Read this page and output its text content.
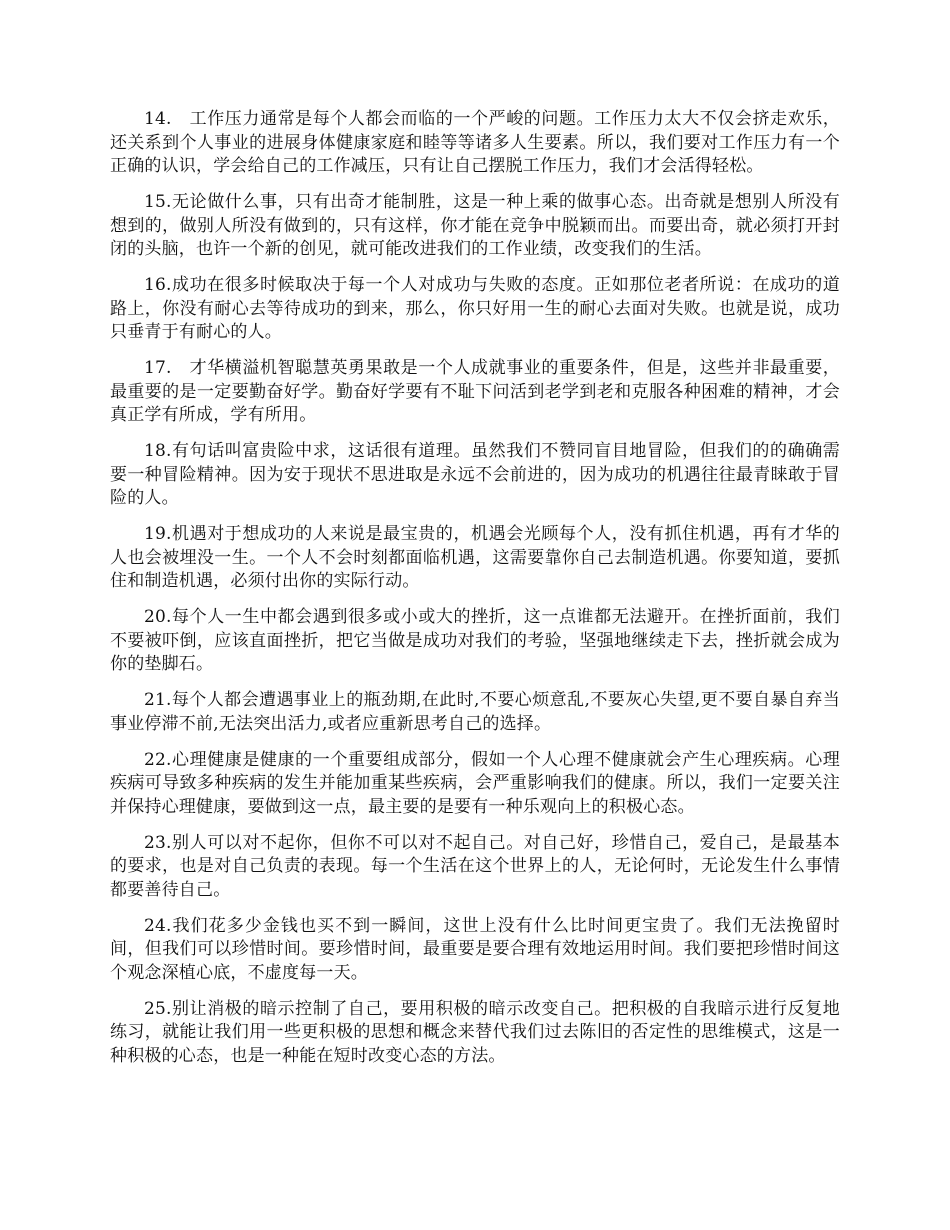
14.   工作压力通常是每个人都会而临的一个严峻的问题。工作压力太大不仅会挤走欢乐，还关系到个人事业的进展身体健康家庭和睦等等诸多人生要素。所以，我们要对工作压力有一个正确的认识，学会给自己的工作减压，只有让自己摆脱工作压力，我们才会活得轻松。

15.无论做什么事，只有出奇才能制胜，这是一种上乘的做事心态。出奇就是想别人所没有想到的，做别人所没有做到的，只有这样，你才能在竞争中脱颖而出。而要出奇，就必须打开封闭的头脑，也许一个新的创见，就可能改进我们的工作业绩，改变我们的生活。

16.成功在很多时候取决于每一个人对成功与失败的态度。正如那位老者所说：在成功的道路上，你没有耐心去等待成功的到来，那么，你只好用一生的耐心去面对失败。也就是说，成功只垂青于有耐心的人。

17.   才华横溢机智聪慧英勇果敢是一个人成就事业的重要条件，但是，这些并非最重要，最重要的是一定要勤奋好学。勤奋好学要有不耻下问活到老学到老和克服各种困难的精神，才会真正学有所成，学有所用。

18.有句话叫富贵险中求，这话很有道理。虽然我们不赞同盲目地冒险，但我们的的确确需要一种冒险精神。因为安于现状不思进取是永远不会前进的，因为成功的机遇往往最青睐敢于冒险的人。

19.机遇对于想成功的人来说是最宝贵的，机遇会光顾每个人，没有抓住机遇，再有才华的人也会被埋没一生。一个人不会时刻都面临机遇，这需要靠你自己去制造机遇。你要知道，要抓住和制造机遇，必须付出你的实际行动。

20.每个人一生中都会遇到很多或小或大的挫折，这一点谁都无法避开。在挫折面前，我们不要被吓倒，应该直面挫折，把它当做是成功对我们的考验，坚强地继续走下去，挫折就会成为你的垫脚石。

21.每个人都会遭遇事业上的瓶劲期,在此时,不要心烦意乱,不要灰心失望,更不要自暴自弃当事业停滞不前,无法突出活力,或者应重新思考自己的选择。

22.心理健康是健康的一个重要组成部分，假如一个人心理不健康就会产生心理疾病。心理疾病可导致多种疾病的发生并能加重某些疾病，会严重影响我们的健康。所以，我们一定要关注并保持心理健康，要做到这一点，最主要的是要有一种乐观向上的积极心态。

23.别人可以对不起你，但你不可以对不起自己。对自己好，珍惜自己，爱自己，是最基本的要求，也是对自己负责的表现。每一个生活在这个世界上的人，无论何时，无论发生什么事情都要善待自己。

24.我们花多少金钱也买不到一瞬间，这世上没有什么比时间更宝贵了。我们无法挽留时间，但我们可以珍惜时间。要珍惜时间，最重要是要合理有效地运用时间。我们要把珍惜时间这个观念深植心底，不虚度每一天。

25.别让消极的暗示控制了自己，要用积极的暗示改变自己。把积极的自我暗示进行反复地练习，就能让我们用一些更积极的思想和概念来替代我们过去陈旧的否定性的思维模式，这是一种积极的心态，也是一种能在短时改变心态的方法。
